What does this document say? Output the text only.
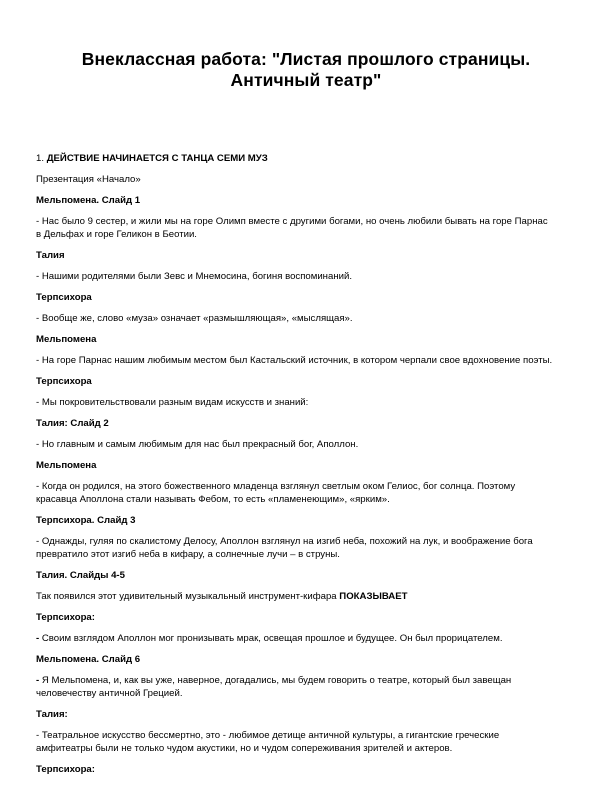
Внеклассная работа: "Листая прошлого страницы.
Античный театр"

1. ДЕЙСТВИЕ НАЧИНАЕТСЯ С ТАНЦА СЕМИ МУЗ

Презентация «Начало»

Мельпомена. Слайд 1

- Нас было 9 сестер, и жили мы на горе Олимп вместе с другими богами, но очень любили бывать на горе Парнас
в Дельфах и горе Геликон в Беотии.

Талия

- Нашими родителями были Зевс и Мнемосина, богиня воспоминаний.

Терпсихора

- Вообще же, слово «муза» означает «размышляющая», «мыслящая».

Мельпомена

- На горе Парнас нашим любимым местом был Кастальский источник, в котором черпали свое вдохновение поэты.

Терпсихора

- Мы покровительствовали разным видам искусств и знаний:

Талия: Слайд 2

- Но главным и самым любимым для нас был прекрасный бог, Аполлон.

Мельпомена

- Когда он родился, на этого божественного младенца взглянул светлым оком Гелиос, бог солнца. Поэтому
красавца Аполлона стали называть Фебом, то есть «пламенеющим», «ярким».

Терпсихора. Слайд 3

- Однажды, гуляя по скалистому Делосу, Аполлон взглянул на изгиб неба, похожий на лук, и воображение бога
превратило этот изгиб неба в кифару, а солнечные лучи – в струны.

Талия. Слайды 4-5

Так появился этот удивительный музыкальный инструмент-кифара ПОКАЗЫВАЕТ

Терпсихора:

- Своим взглядом Аполлон мог пронизывать мрак, освещая прошлое и будущее. Он был прорицателем.

Мельпомена. Слайд 6

- Я Мельпомена, и, как вы уже, наверное, догадались, мы будем говорить о театре, который был завещан
человечеству античной Грецией.

Талия:

- Театральное искусство бессмертно, это - любимое детище античной культуры, а гигантские греческие
амфитеатры были не только чудом акустики, но и чудом сопереживания зрителей и актеров.

Терпсихора:
